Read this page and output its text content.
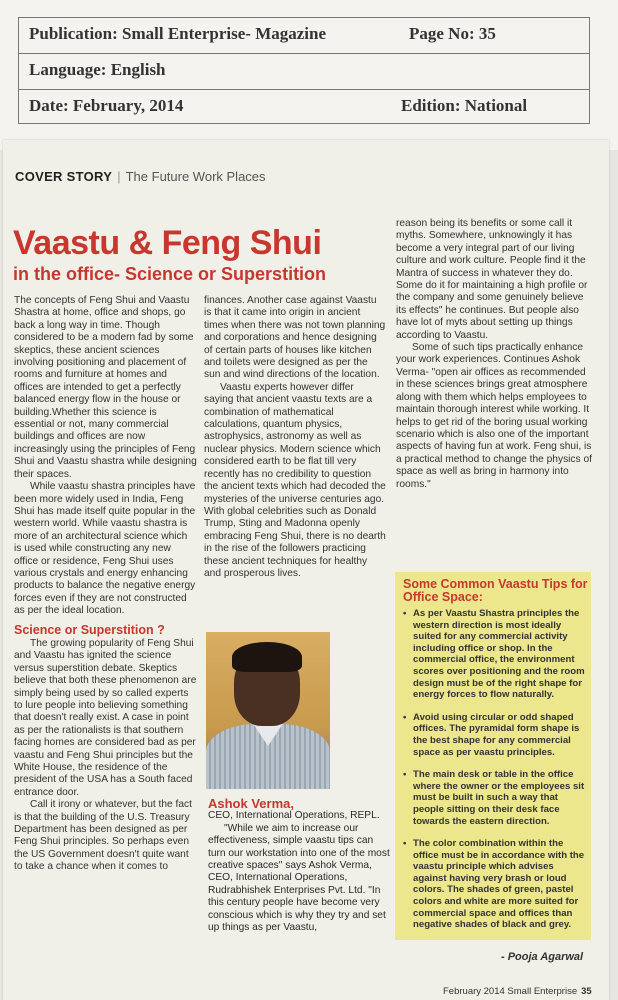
Publication: Small Enterprise- Magazine	Page No: 35
Language: English
Date: February, 2014	Edition: National
COVER STORY | The Future Work Places
Vaastu & Feng Shui
in the office- Science or Superstition

The concepts of Feng Shui and Vaastu Shastra at home, office and shops, go back a long way in time. Though considered to be a modern fad by some skeptics, these ancient sciences involving positioning and placement of rooms and furniture at homes and offices are intended to get a perfectly balanced energy flow in the house or building.Whether this science is essential or not, many commercial buildings and offices are now increasingly using the principles of Feng Shui and Vaastu shastra while designing their spaces.

While vaastu shastra principles have been more widely used in India, Feng Shui has made itself quite popular in the western world. While vaastu shastra is more of an architectural science which is used while constructing any new office or residence, Feng Shui uses various crystals and energy enhancing products to balance the negative energy forces even if they are not constructed as per the ideal location.

Science or Superstition ?

The growing popularity of Feng Shui and Vaastu has ignited the science versus superstition debate. Skeptics believe that both these phenomenon are simply being used by so called experts to lure people into believing something that doesn't really exist. A case in point as per the rationalists is that southern facing homes are considered bad as per vaastu and Feng Shui principles but the White House, the residence of the president of the USA has a South faced entrance door.

Call it irony or whatever, but the fact is that the building of the U.S. Treasury Department has been designed as per Feng Shui principles. So perhaps even the US Government doesn't quite want to take a chance when it comes to

finances. Another case against Vaastu is that it came into origin in ancient times when there was not town planning and corporations and hence designing of certain parts of houses like kitchen and toilets were designed as per the sun and wind directions of the location.

Vaastu experts however differ saying that ancient vaastu texts are a combination of mathematical calculations, quantum physics, astrophysics, astronomy as well as nuclear physics. Modern science which considered earth to be flat till very recently has no credibility to question the ancient texts which had decoded the mysteries of the universe centuries ago. With global celebrities such as Donald Trump, Sting and Madonna openly embracing Feng Shui, there is no dearth in the rise of the followers practicing these ancient techniques for healthy and prosperous lives.

Ashok Verma,
CEO, International Operations, REPL.

"While we aim to increase our effectiveness, simple vaastu tips can turn our workstation into one of the most creative spaces" says Ashok Verma, CEO, International Operations, Rudrabhishek Enterprises Pvt. Ltd. "In this century people have become very conscious which is why they try and set up things as per Vaastu,

reason being its benefits or some call it myths. Somewhere, unknowingly it has become a very integral part of our living culture and work culture. People find it the Mantra of success in whatever they do. Some do it for maintaining a high profile or the company and some genuinely believe its effects" he continues. But people also have lot of myts about setting up things according to Vaastu.

Some of such tips practically enhance your work experiences. Continues Ashok Verma- "open air offices as recommended in these sciences brings great atmosphere along with them which helps employees to maintain thorough interest while working. It helps to get rid of the boring usual working scenario which is also one of the important aspects of having fun at work. Feng shui, is a practical method to change the physics of space as well as bring in harmony into rooms."

Some Common Vaastu Tips for Office Space:
• As per Vaastu Shastra principles the western direction is most ideally suited for any commercial activity including office or shop. In the commercial office, the environment scores over positioning and the room design must be of the right shape for energy forces to flow naturally.
• Avoid using circular or odd shaped offices. The pyramidal form shape is the best shape for any commercial space as per vaastu principles.
• The main desk or table in the office where the owner or the employees sit must be built in such a way that people sitting on their desk face towards the eastern direction.
• The color combination within the office must be in accordance with the vaastu principle which advises against having very brash or loud colors. The shades of green, pastel colors and white are more suited for commercial space and offices than negative shades of black and grey.
- Pooja Agarwal
February 2014 Small Enterprise 35
